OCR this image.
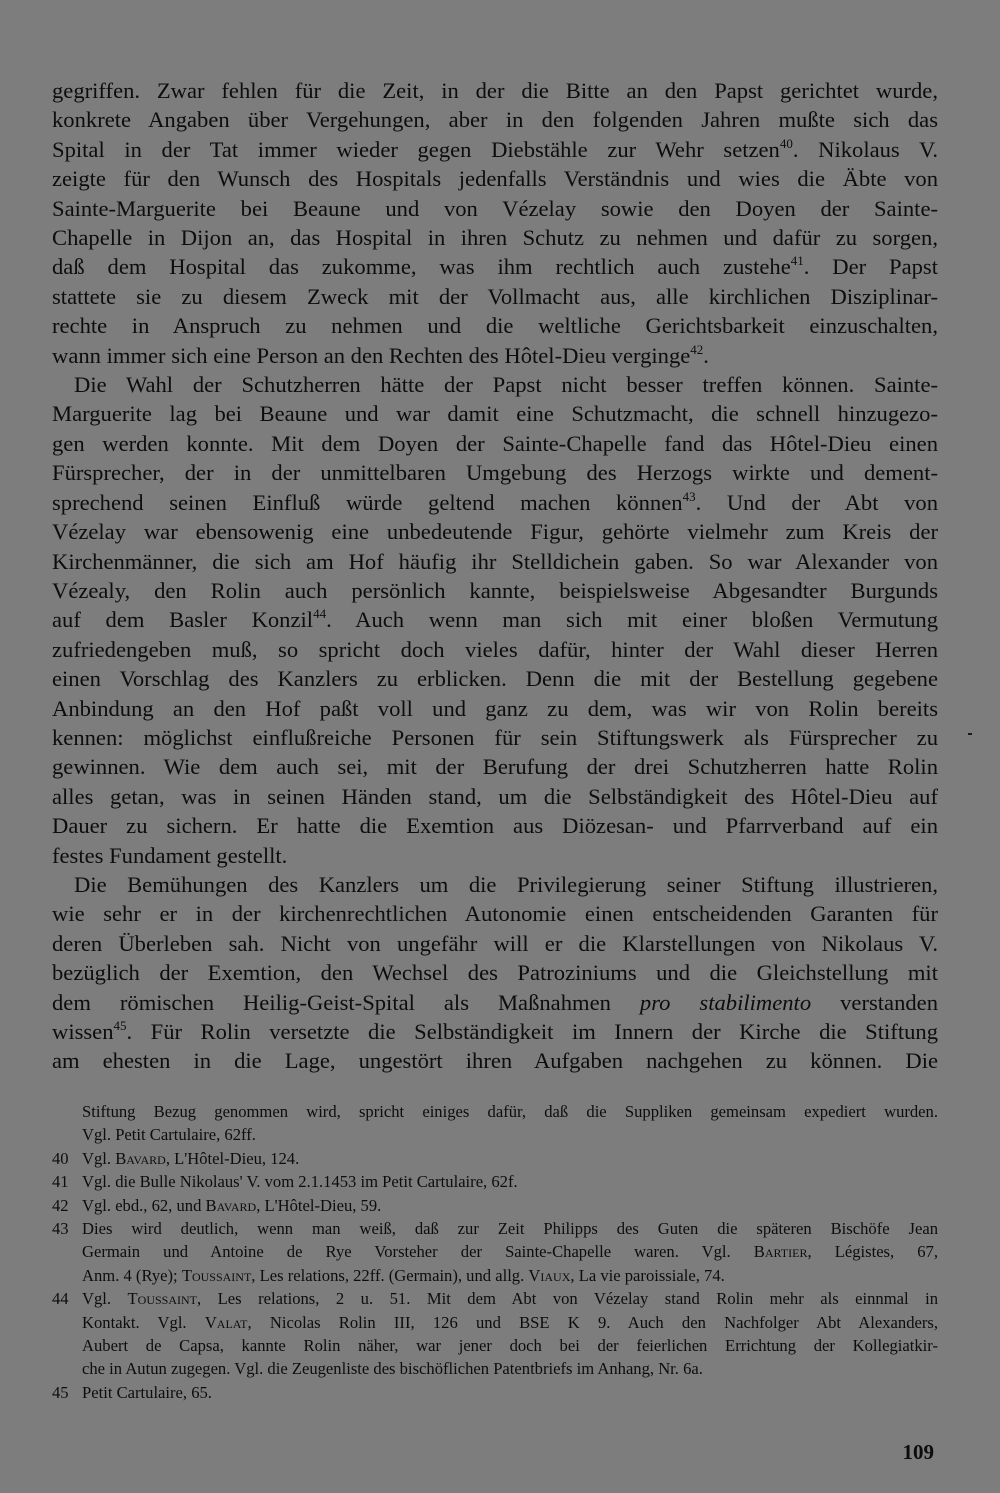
gegriffen. Zwar fehlen für die Zeit, in der die Bitte an den Papst gerichtet wurde,
konkrete Angaben über Vergehungen, aber in den folgenden Jahren mußte sich das
Spital in der Tat immer wieder gegen Diebstähle zur Wehr setzen$^{40}$. Nikolaus V.
zeigte für den Wunsch des Hospitals jedenfalls Verständnis und wies die Äbte von
Sainte-Marguerite bei Beaune und von Vézelay sowie den Doyen der Sainte-
Chapelle in Dijon an, das Hospital in ihren Schutz zu nehmen und dafür zu sorgen,
daß dem Hospital das zukomme, was ihm rechtlich auch zustehe$^{41}$. Der Papst
stattete sie zu diesem Zweck mit der Vollmacht aus, alle kirchlichen Disziplinar-
rechte in Anspruch zu nehmen und die weltliche Gerichtsbarkeit einzuschalten,
wann immer sich eine Person an den Rechten des Hôtel-Dieu verginge$^{42}$.

Die Wahl der Schutzherren hätte der Papst nicht besser treffen können. Sainte-
Marguerite lag bei Beaune und war damit eine Schutzmacht, die schnell hinzugezo-
gen werden konnte. Mit dem Doyen der Sainte-Chapelle fand das Hôtel-Dieu einen
Fürsprecher, der in der unmittelbaren Umgebung des Herzogs wirkte und dement-
sprechend seinen Einfluß würde geltend machen können$^{43}$. Und der Abt von
Vézelay war ebensowenig eine unbedeutende Figur, gehörte vielmehr zum Kreis der
Kirchenmänner, die sich am Hof häufig ihr Stelldichein gaben. So war Alexander von
Vézealy, den Rolin auch persönlich kannte, beispielsweise Abgesandter Burgunds
auf dem Basler Konzil$^{44}$. Auch wenn man sich mit einer bloßen Vermutung
zufriedengeben muß, so spricht doch vieles dafür, hinter der Wahl dieser Herren
einen Vorschlag des Kanzlers zu erblicken. Denn die mit der Bestellung gegebene
Anbindung an den Hof paßt voll und ganz zu dem, was wir von Rolin bereits
kennen: möglichst einflußreiche Personen für sein Stiftungswerk als Fürsprecher zu
gewinnen. Wie dem auch sei, mit der Berufung der drei Schutzherren hatte Rolin
alles getan, was in seinen Händen stand, um die Selbständigkeit des Hôtel-Dieu auf
Dauer zu sichern. Er hatte die Exemtion aus Diözesan- und Pfarrverband auf ein
festes Fundament gestellt.

Die Bemühungen des Kanzlers um die Privilegierung seiner Stiftung illustrieren,
wie sehr er in der kirchenrechtlichen Autonomie einen entscheidenden Garanten für
deren Überleben sah. Nicht von ungefähr will er die Klarstellungen von Nikolaus V.
bezüglich der Exemtion, den Wechsel des Patroziniums und die Gleichstellung mit
dem römischen Heilig-Geist-Spital als Maßnahmen pro stabilimento verstanden
wissen$^{45}$. Für Rolin versetzte die Selbständigkeit im Innern der Kirche die Stiftung
am ehesten in die Lage, ungestört ihren Aufgaben nachgehen zu können. Die

Stiftung Bezug genommen wird, spricht einiges dafür, daß die Suppliken gemeinsam expediert wurden.
Vgl. Petit Cartulaire, 62ff.
40 Vgl. Bavard, L'Hôtel-Dieu, 124.
41 Vgl. die Bulle Nikolaus' V. vom 2.1.1453 im Petit Cartulaire, 62f.
42 Vgl. ebd., 62, und Bavard, L'Hôtel-Dieu, 59.
43 Dies wird deutlich, wenn man weiß, daß zur Zeit Philipps des Guten die späteren Bischöfe Jean
Germain und Antoine de Rye Vorsteher der Sainte-Chapelle waren. Vgl. Bartier, Légistes, 67,
Anm. 4 (Rye); Toussaint, Les relations, 22ff. (Germain), und allg. Viaux, La vie paroissiale, 74.
44 Vgl. Toussaint, Les relations, 2 u. 51. Mit dem Abt von Vézelay stand Rolin mehr als einnmal in
Kontakt. Vgl. Valat, Nicolas Rolin III, 126 und BSE K 9. Auch den Nachfolger Abt Alexanders,
Aubert de Capsa, kannte Rolin näher, war jener doch bei der feierlichen Errichtung der Kollegiatkir-
che in Autun zugegen. Vgl. die Zeugenliste des bischöflichen Patentbriefs im Anhang, Nr. 6a.
45 Petit Cartulaire, 65.
109
